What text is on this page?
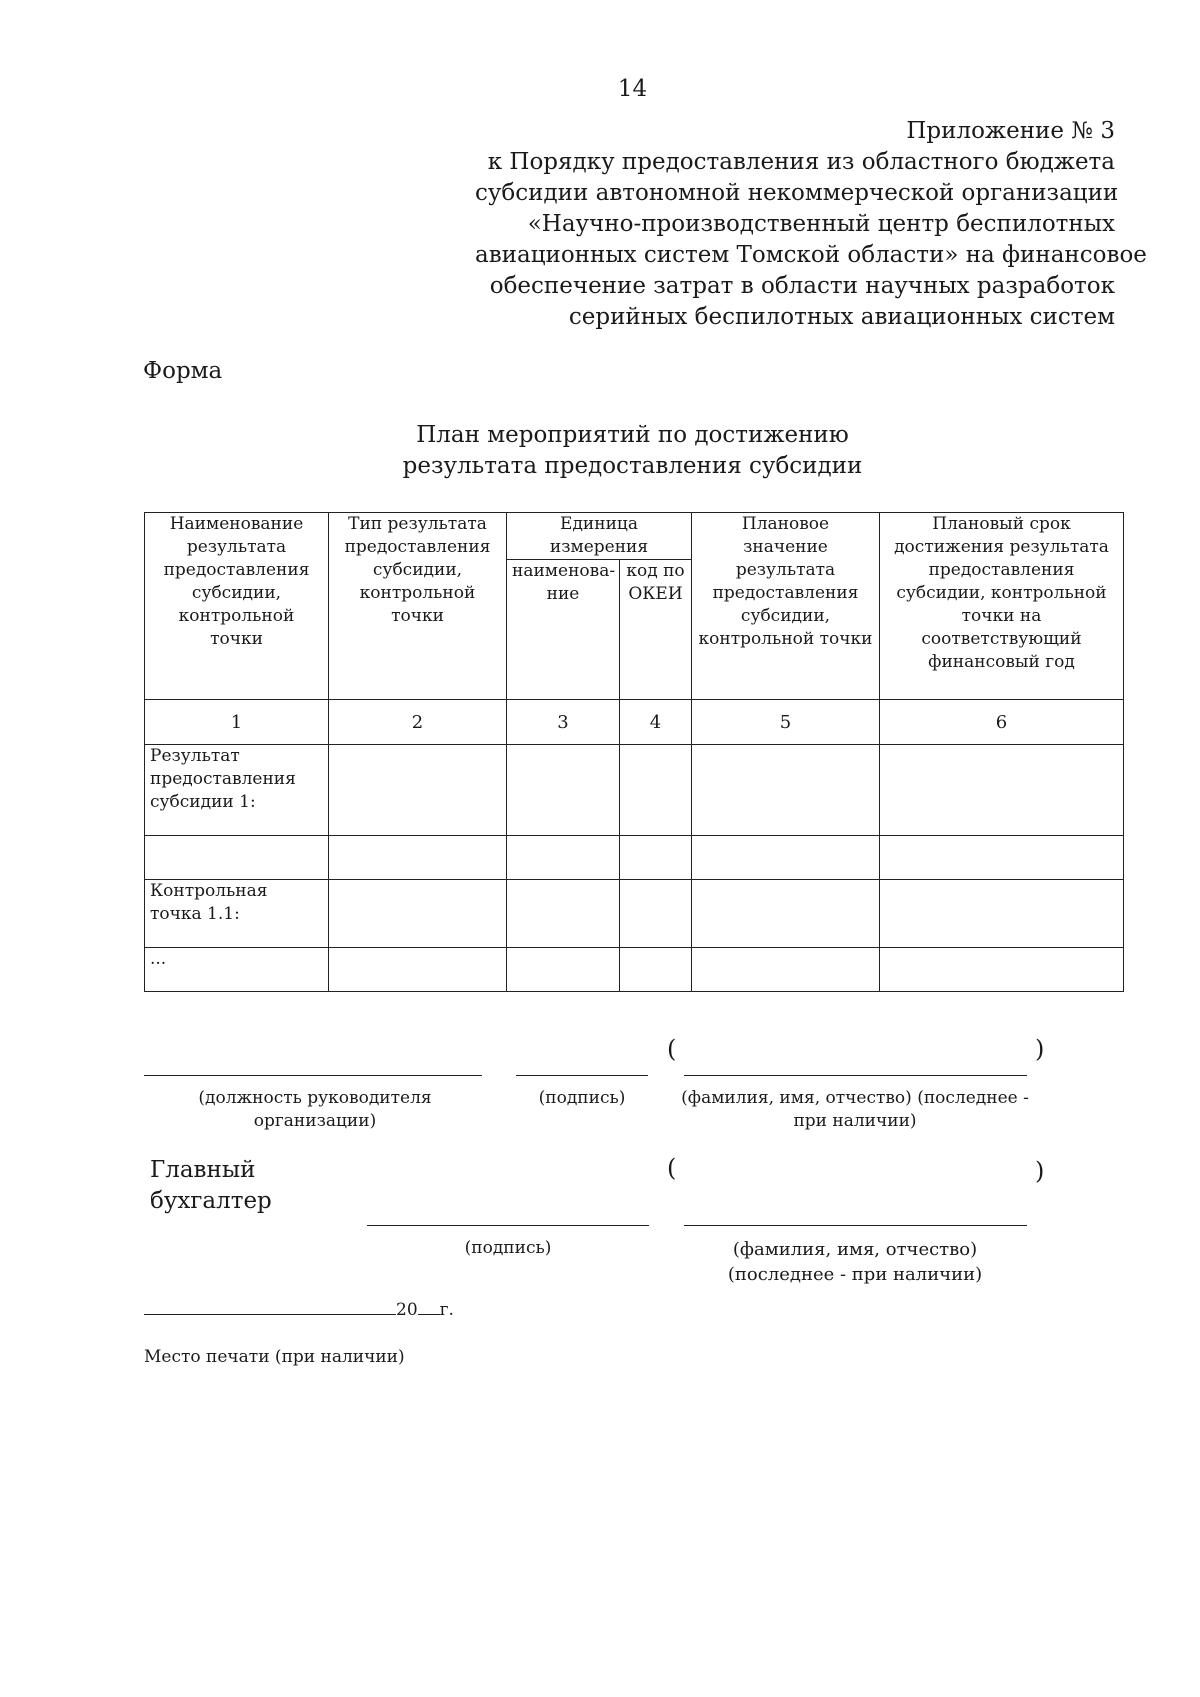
14
Приложение № 3
к Порядку предоставления из областного бюджета
субсидии автономной некоммерческой организации
«Научно-производственный центр беспилотных
авиационных систем Томской области» на финансовое
обеспечение затрат в области научных разработок
серийных беспилотных авиационных систем
Форма
План мероприятий по достижению
результата предоставления субсидии
Наименование результата предоставления субсидии, контрольной точки	Тип результата предоставления субсидии, контрольной точки	Единица измерения		Плановое значение результата предоставления субсидии, контрольной точки	Плановый срок достижения результата предоставления субсидии, контрольной точки на соответствующий финансовый год
		наименова-ние	код по ОКЕИ		
1	2	3	4	5	6
Результат предоставления субсидии 1:					

Контрольная точка 1.1:					
...					
(	)
(должность руководителя организации)
(подпись)	(фамилия, имя, отчество) (последнее - при наличии)
Главный бухгалтер
(	)
(подпись)	(фамилия, имя, отчество) (последнее - при наличии)
20 г.
Место печати (при наличии)
